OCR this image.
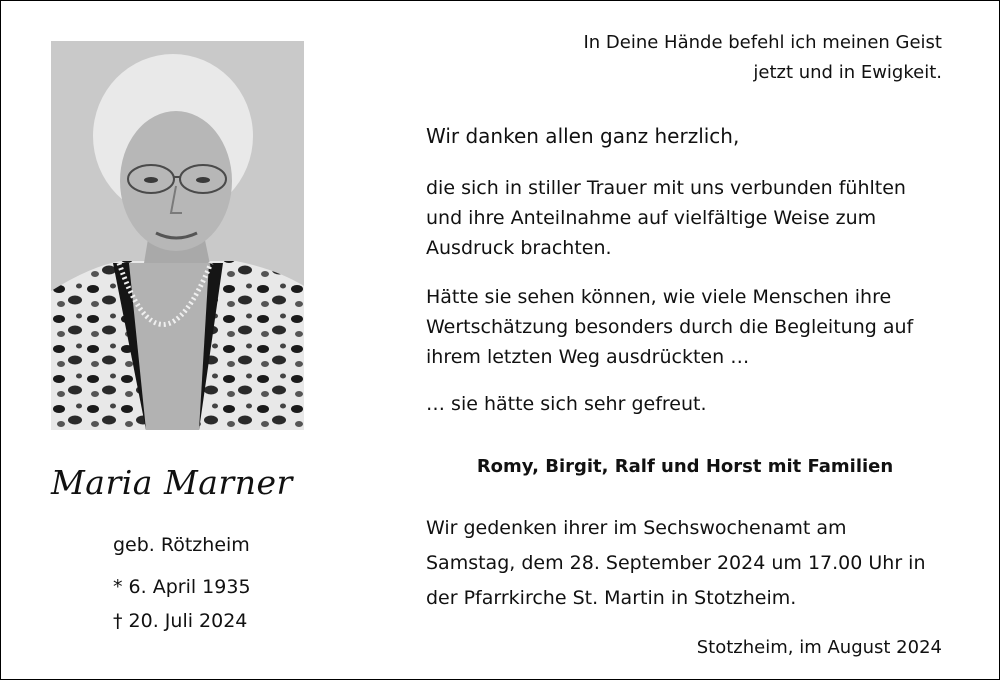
Maria Marner
geb. Rötzheim
* 6. April 1935
† 20. Juli 2024
In Deine Hände befehl ich meinen Geist
jetzt und in Ewigkeit.
Wir danken allen ganz herzlich,
die sich in stiller Trauer mit uns verbunden fühlten
und ihre Anteilnahme auf vielfältige Weise zum
Ausdruck brachten.
Hätte sie sehen können, wie viele Menschen ihre
Wertschätzung besonders durch die Begleitung auf
ihrem letzten Weg ausdrückten …
… sie hätte sich sehr gefreut.
Romy, Birgit, Ralf und Horst mit Familien
Wir gedenken ihrer im Sechswochenamt am
Samstag, dem 28. September 2024 um 17.00 Uhr in
der Pfarrkirche St. Martin in Stotzheim.
Stotzheim, im August 2024
